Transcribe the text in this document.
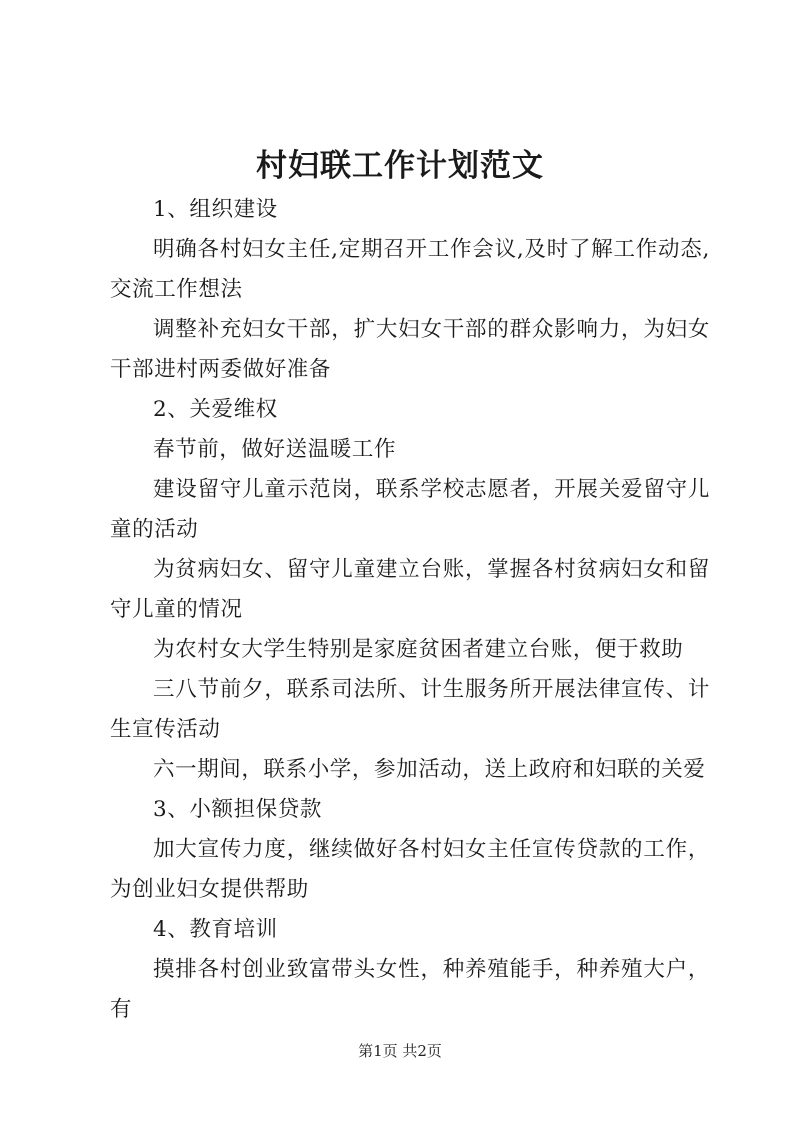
村妇联工作计划范文

1、组织建设

明确各村妇女主任,定期召开工作会议,及时了解工作动态,交流工作想法

调整补充妇女干部，扩大妇女干部的群众影响力，为妇女干部进村两委做好准备

2、关爱维权

春节前，做好送温暖工作

建设留守儿童示范岗，联系学校志愿者，开展关爱留守儿童的活动

为贫病妇女、留守儿童建立台账，掌握各村贫病妇女和留守儿童的情况

为农村女大学生特别是家庭贫困者建立台账，便于救助

三八节前夕，联系司法所、计生服务所开展法律宣传、计生宣传活动

六一期间，联系小学，参加活动，送上政府和妇联的关爱

3、小额担保贷款

加大宣传力度，继续做好各村妇女主任宣传贷款的工作，为创业妇女提供帮助

4、教育培训

摸排各村创业致富带头女性，种养殖能手，种养殖大户，有

第1页 共2页
